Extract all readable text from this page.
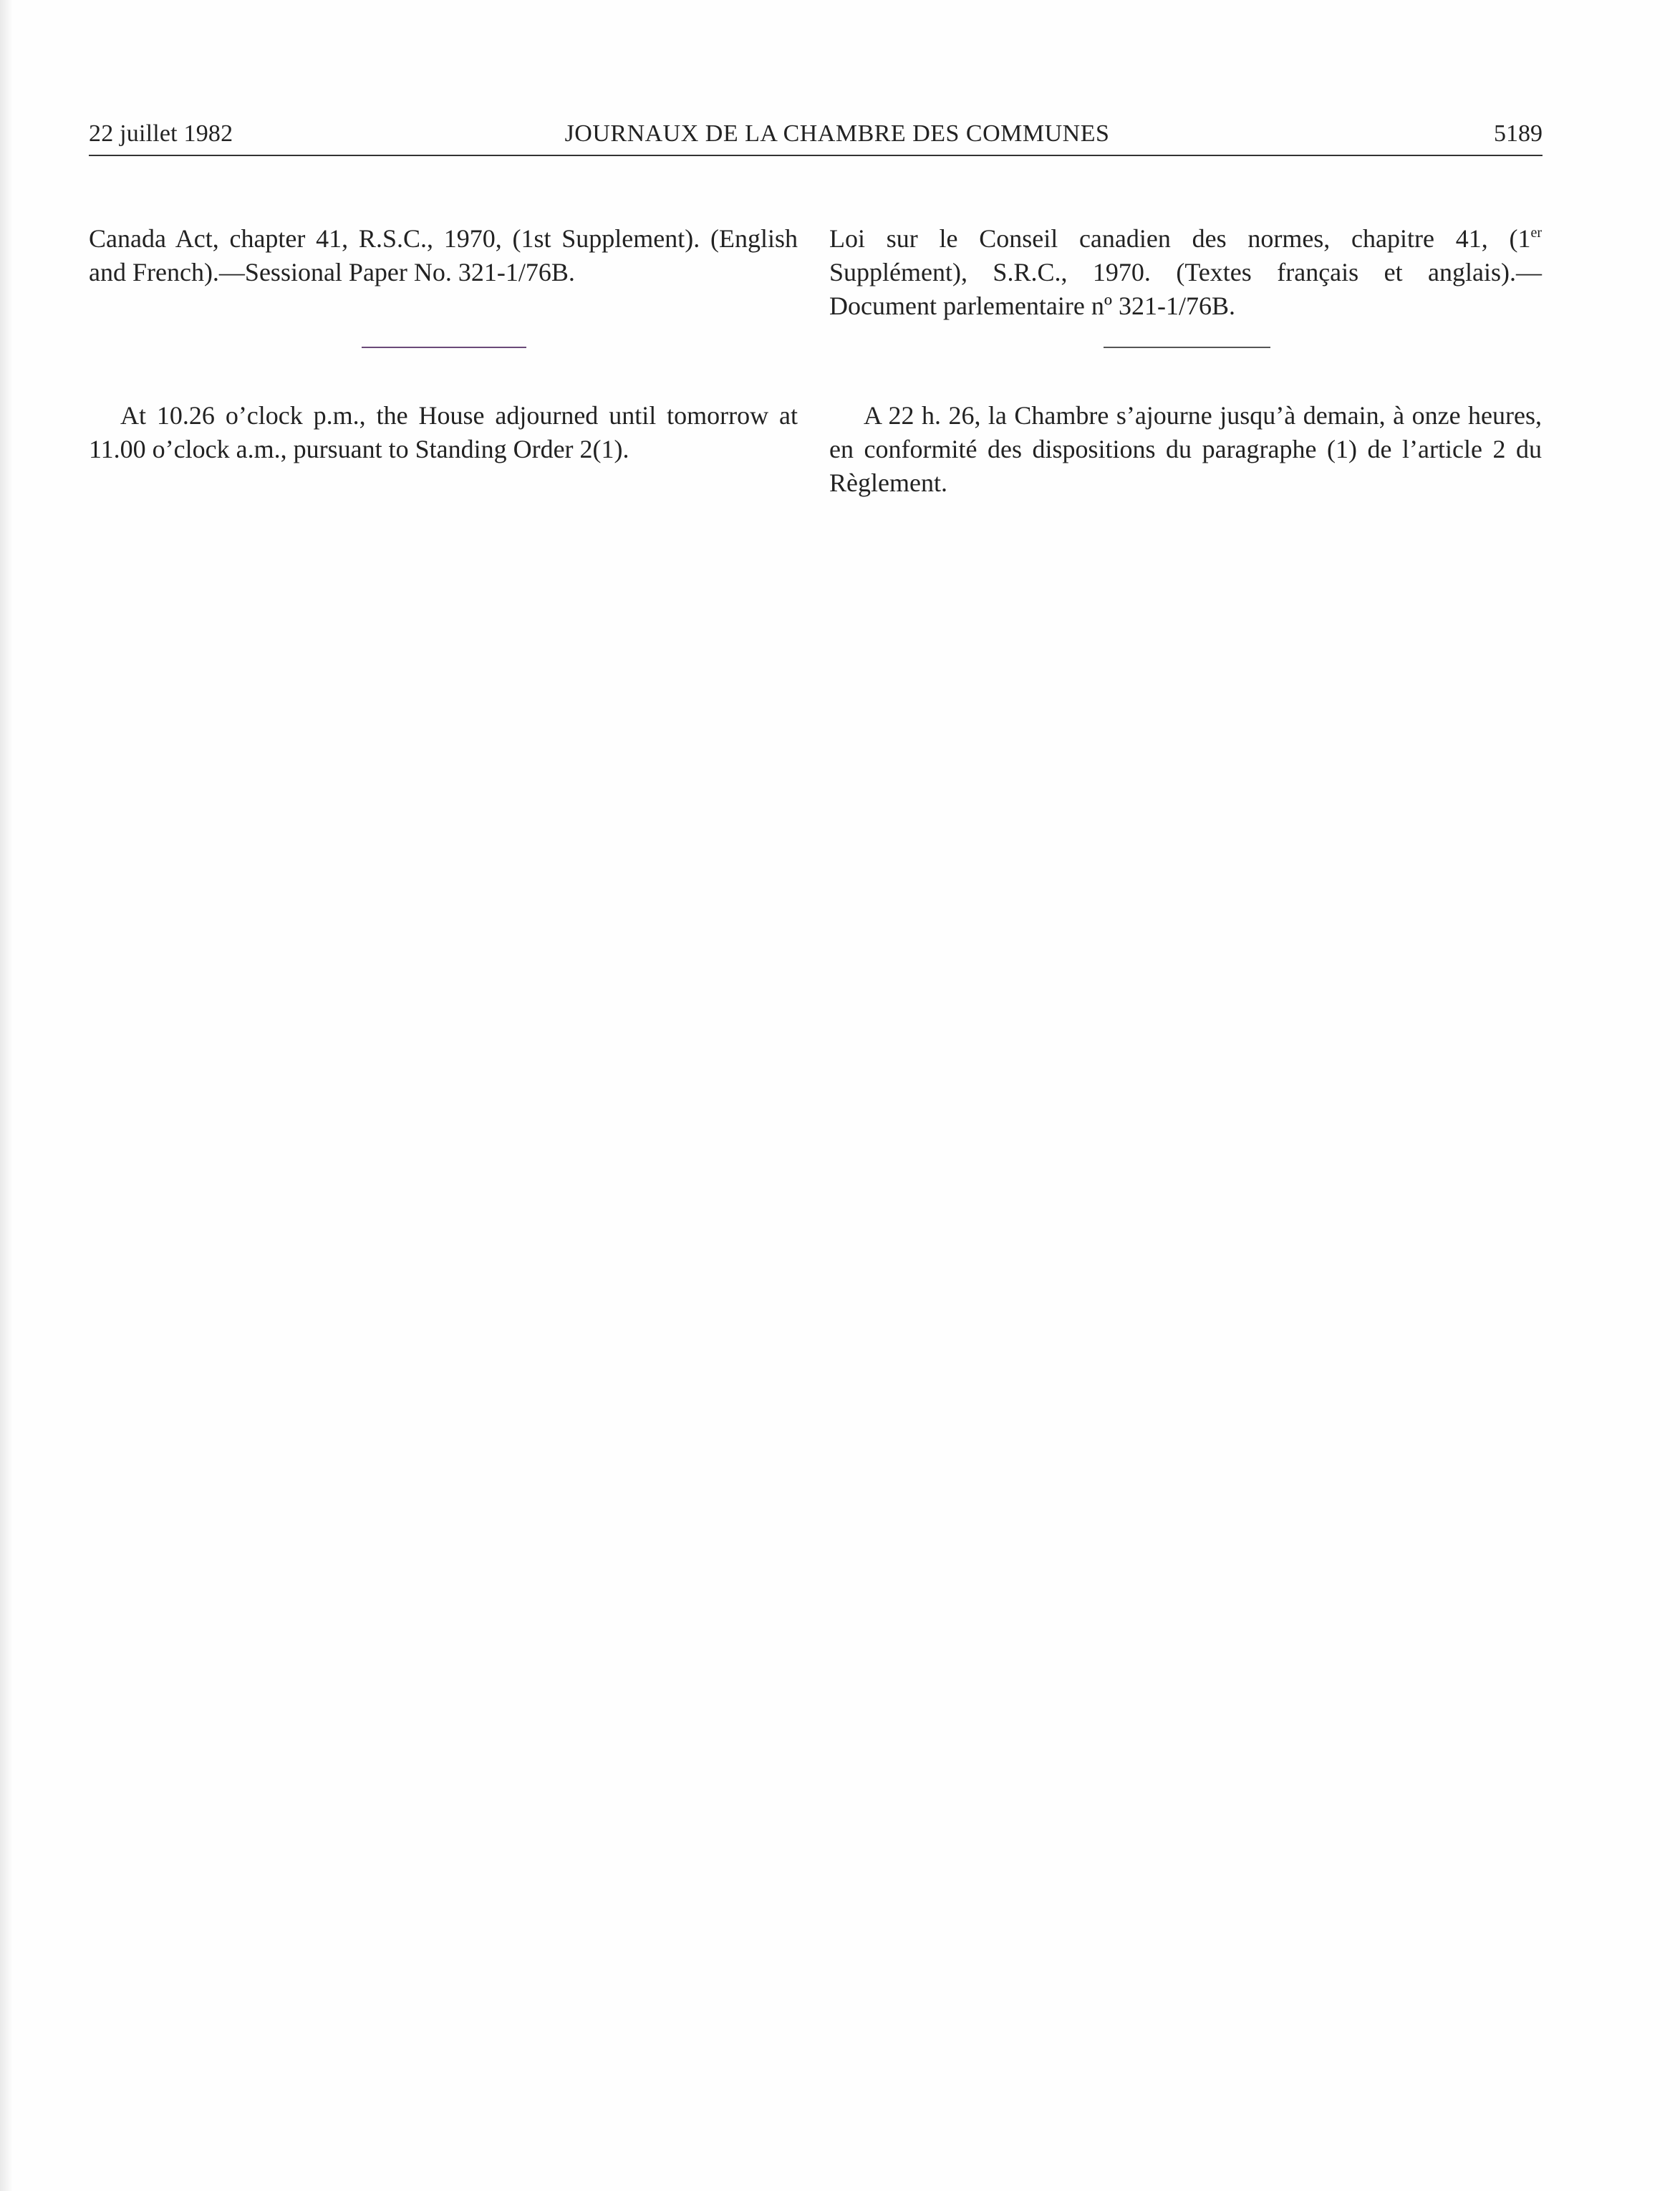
22 juillet 1982	JOURNAUX DE LA CHAMBRE DES COMMUNES	5189

Canada Act, chapter 41, R.S.C., 1970, (1st Supplement). (English and French).—Sessional Paper No. 321-1/76B.

Loi sur le Conseil canadien des normes, chapitre 41, (1er Supplément), S.R.C., 1970. (Textes français et anglais).— Document parlementaire nº 321-1/76B.

At 10.26 o’clock p.m., the House adjourned until tomorrow at 11.00 o’clock a.m., pursuant to Standing Order 2(1).

A 22 h. 26, la Chambre s’ajourne jusqu’à demain, à onze heures, en conformité des dispositions du paragraphe (1) de l’article 2 du Règlement.
